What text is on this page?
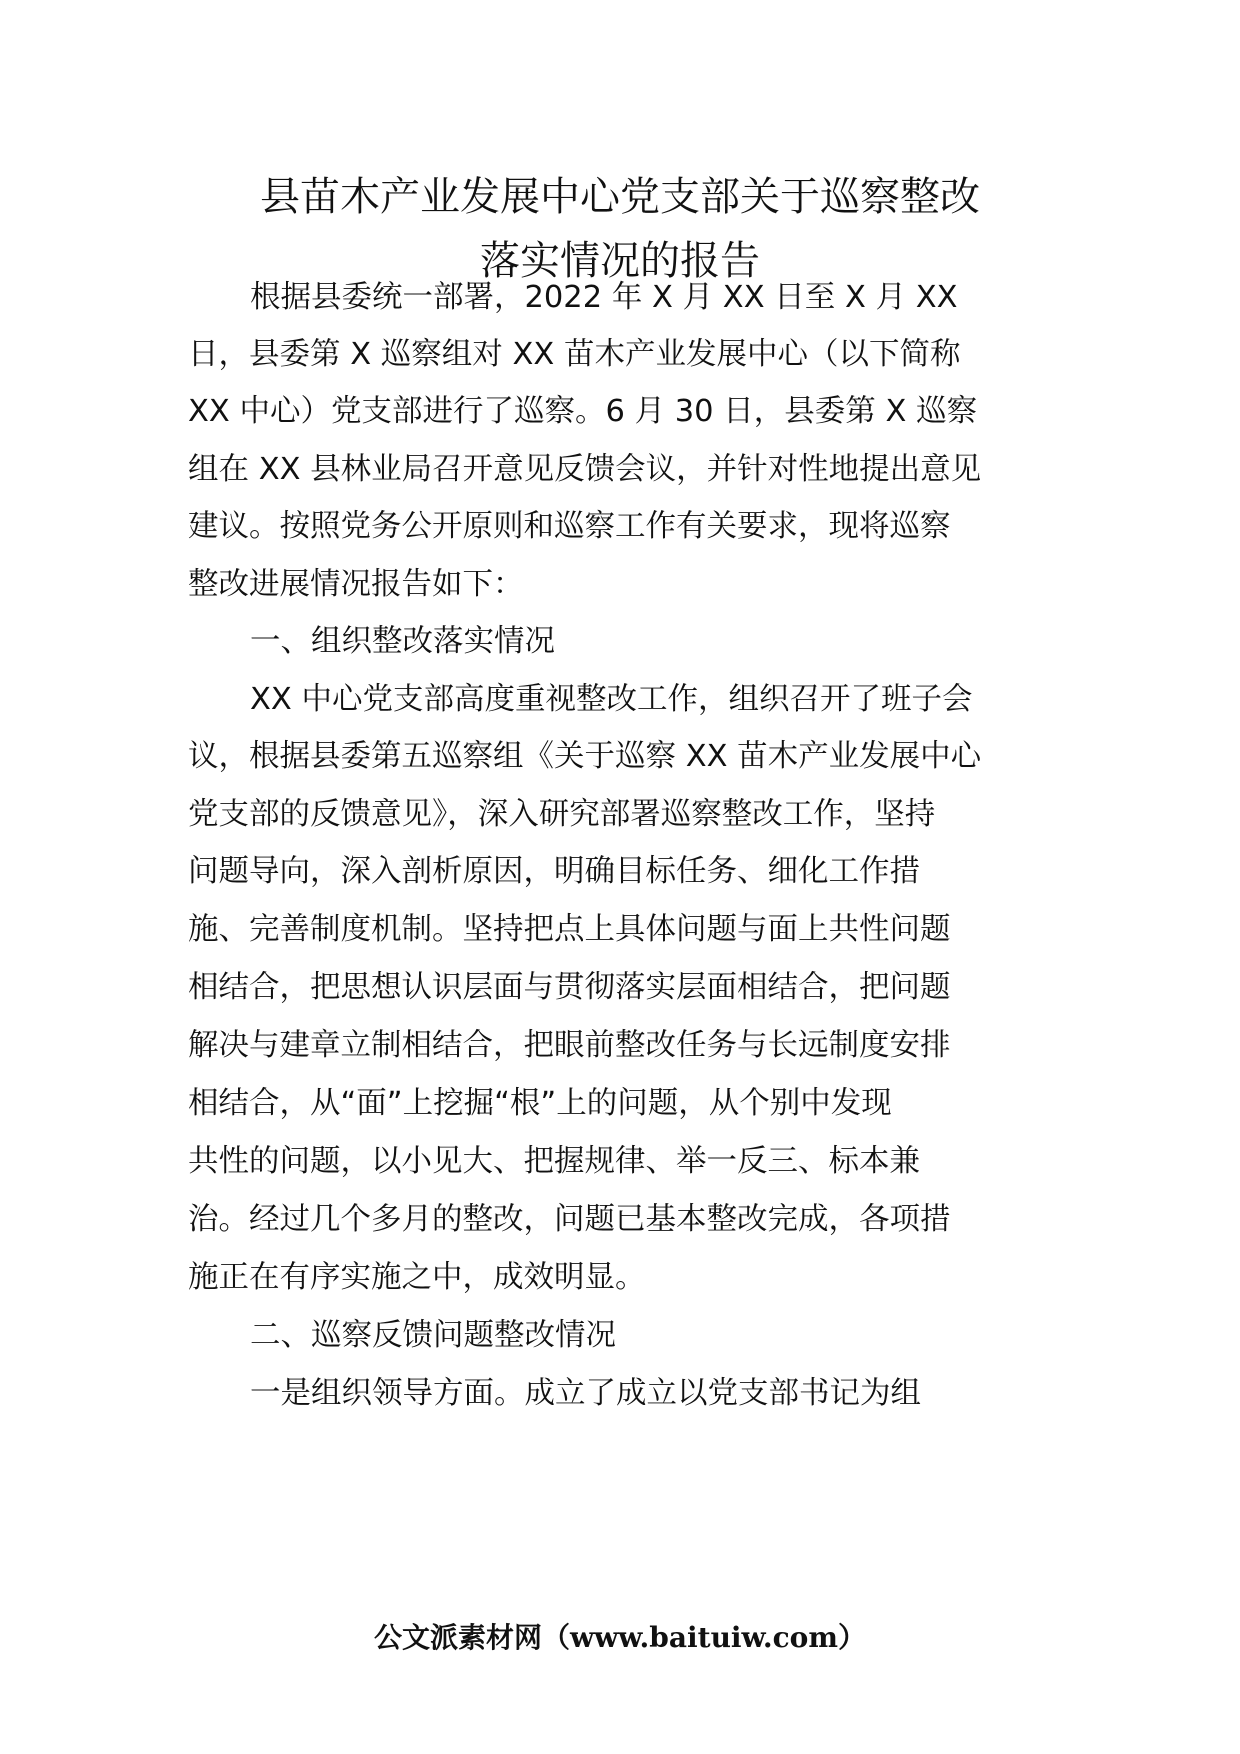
县苗木产业发展中心党支部关于巡察整改
落实情况的报告

根据县委统一部署，2022 年 X 月 XX 日至 X 月 XX

日，县委第 X 巡察组对 XX 苗木产业发展中心（以下简称

XX 中心）党支部进行了巡察。6 月 30 日，县委第 X 巡察

组在 XX 县林业局召开意见反馈会议，并针对性地提出意见

建议。按照党务公开原则和巡察工作有关要求，现将巡察

整改进展情况报告如下：

一、组织整改落实情况

XX 中心党支部高度重视整改工作，组织召开了班子会

议，根据县委第五巡察组《关于巡察 XX 苗木产业发展中心

党支部的反馈意见》，深入研究部署巡察整改工作，坚持

问题导向，深入剖析原因，明确目标任务、细化工作措

施、完善制度机制。坚持把点上具体问题与面上共性问题

相结合，把思想认识层面与贯彻落实层面相结合，把问题

解决与建章立制相结合，把眼前整改任务与长远制度安排

相结合，从“面”上挖掘“根”上的问题，从个别中发现

共性的问题，以小见大、把握规律、举一反三、标本兼

治。经过几个多月的整改，问题已基本整改完成，各项措

施正在有序实施之中，成效明显。

二、巡察反馈问题整改情况

一是组织领导方面。成立了成立以党支部书记为组

公文派素材网（www.baituiw.com）
